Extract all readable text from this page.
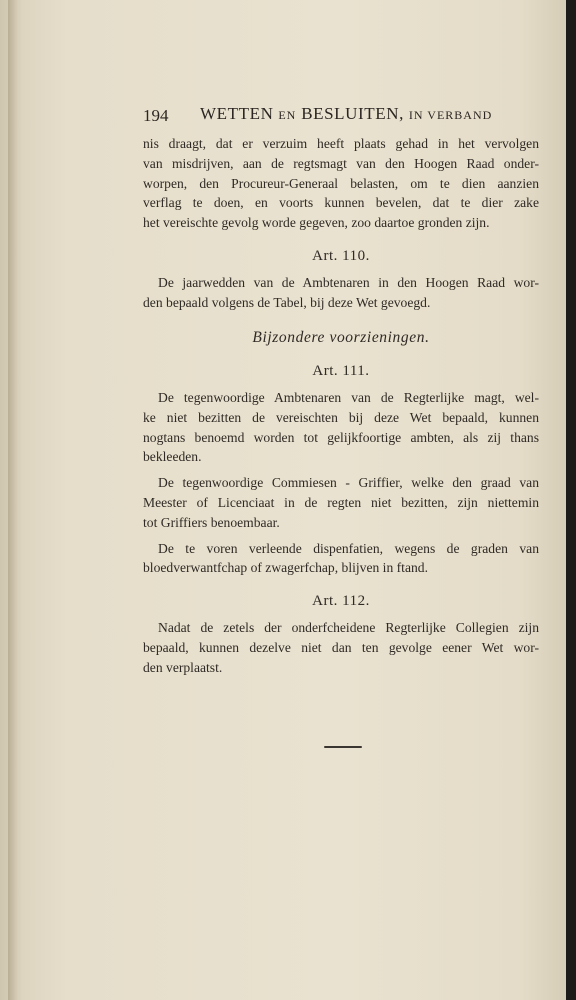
194 WETTEN EN BESLUITEN, IN VERBAND

nis draagt, dat er verzuim heeft plaats gehad in het vervolgen

van misdrijven, aan de regtsmagt van den Hoogen Raad onder-

worpen, den Procureur-Generaal belasten, om te dien aanzien

verflag te doen, en voorts kunnen bevelen, dat te dier zake

het vereischte gevolg worde gegeven, zoo daartoe gronden zijn.

Art. 110.

De jaarwedden van de Ambtenaren in den Hoogen Raad wor-

den bepaald volgens de Tabel, bij deze Wet gevoegd.

Bijzondere voorzieningen.
Art. 111.

De tegenwoordige Ambtenaren van de Regterlijke magt, wel-

ke niet bezitten de vereischten bij deze Wet bepaald, kunnen

nogtans benoemd worden tot gelijkfoortige ambten, als zij thans

bekleeden.

De tegenwoordige Commiesen - Griffier, welke den graad van

Meester of Licenciaat in de regten niet bezitten, zijn niettemin

tot Griffiers benoembaar.

De te voren verleende dispenfatien, wegens de graden van

bloedverwantfchap of zwagerfchap, blijven in ftand.

Art. 112.

Nadat de zetels der onderfcheidene Regterlijke Collegien zijn

bepaald, kunnen dezelve niet dan ten gevolge eener Wet wor-

den verplaatst.
